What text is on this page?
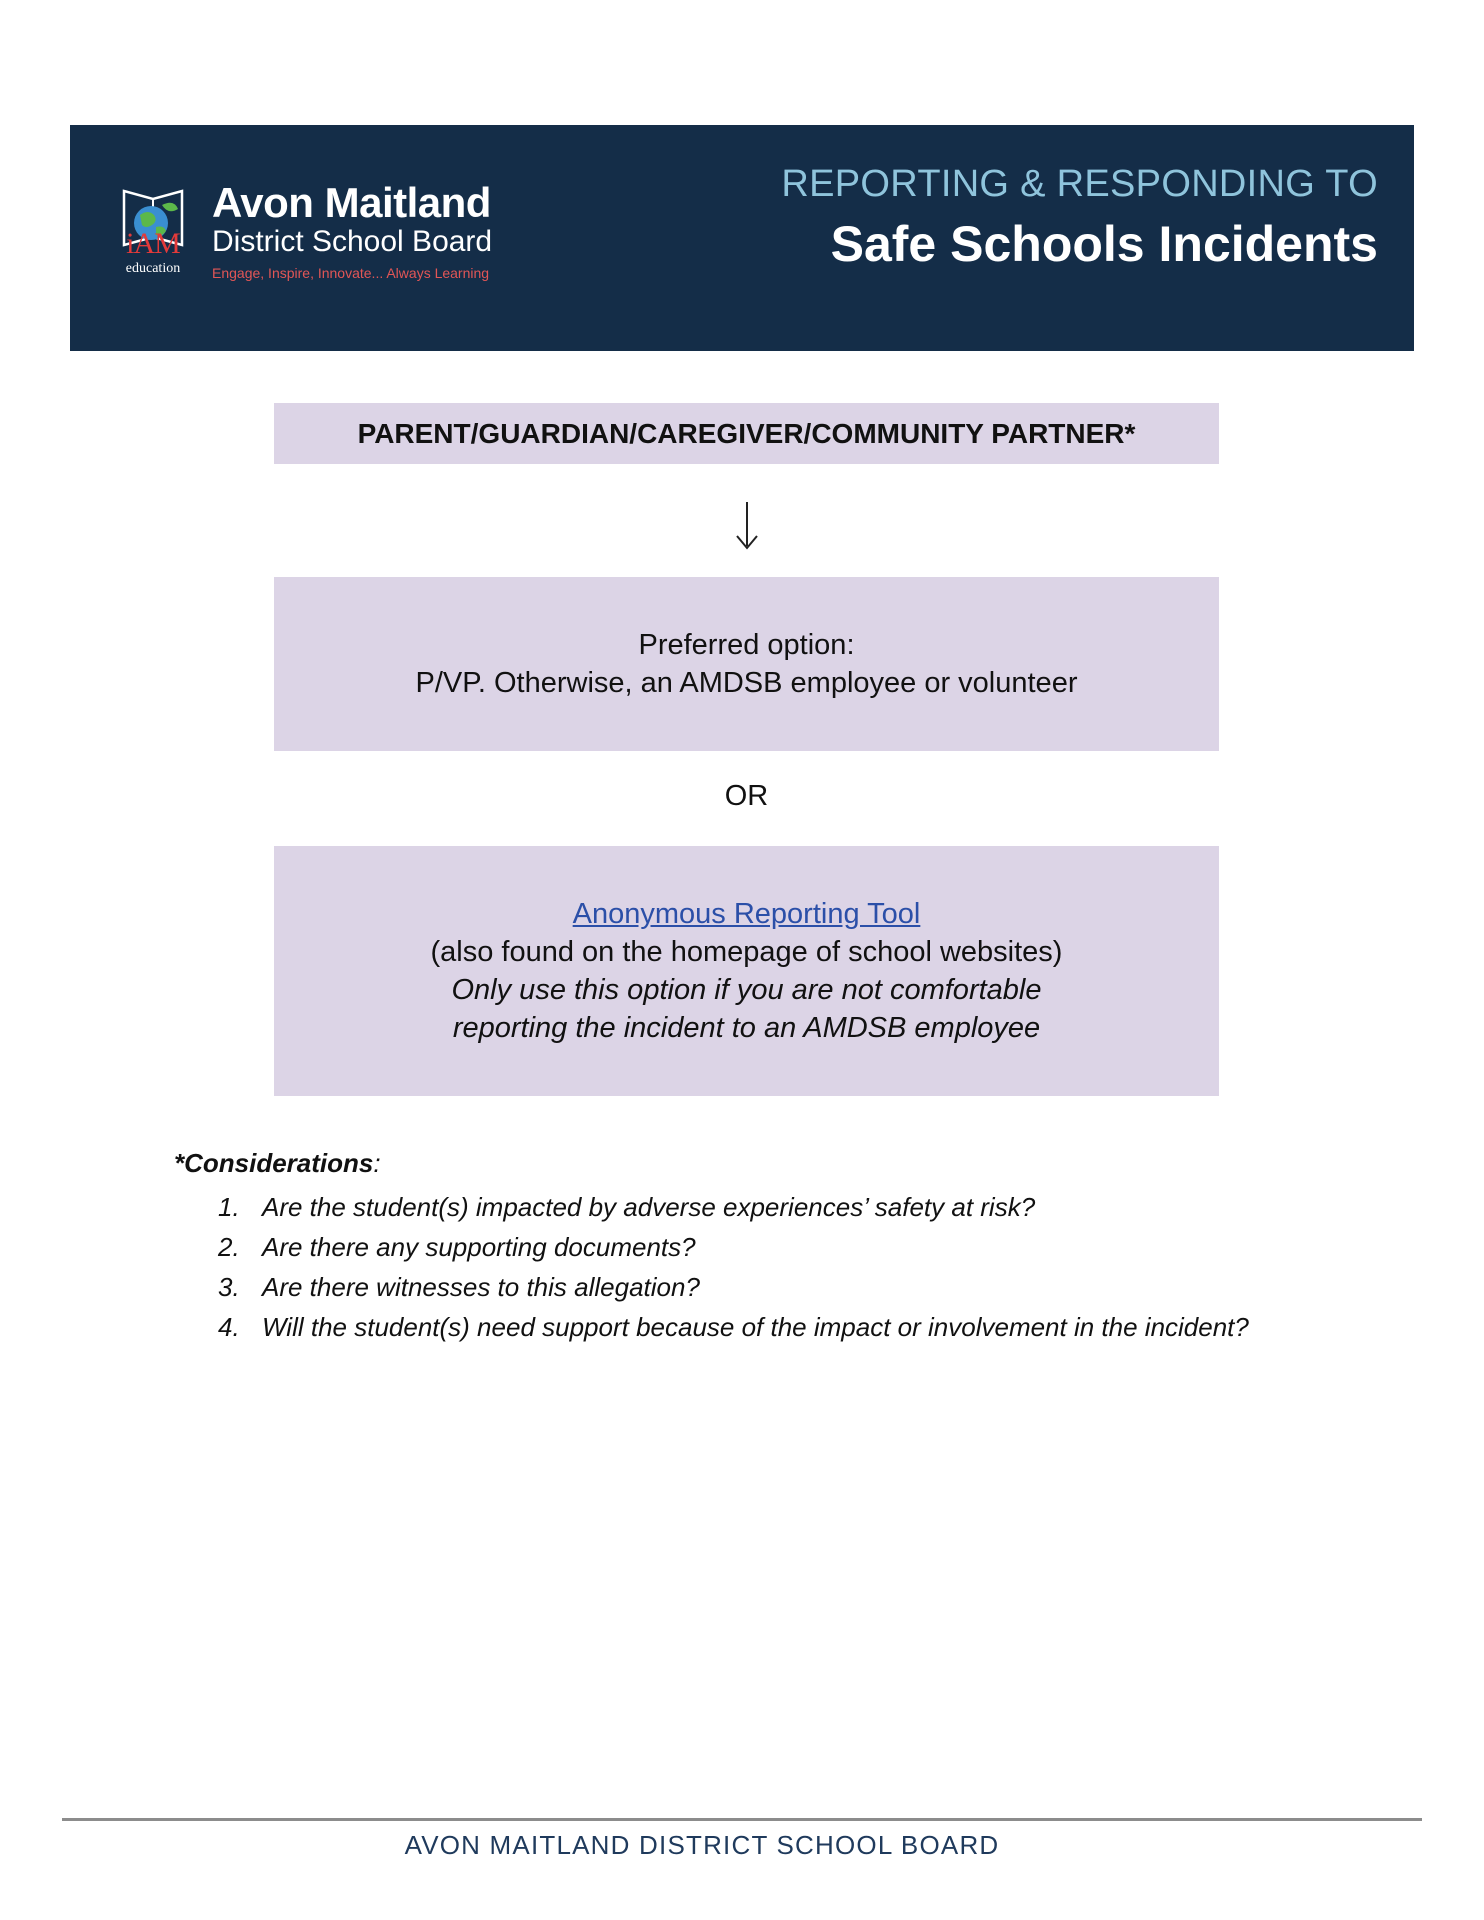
iAM
education
Avon Maitland
District School Board
Engage, Inspire, Innovate... Always Learning
REPORTING & RESPONDING TO
Safe Schools Incidents
PARENT/GUARDIAN/CAREGIVER/COMMUNITY PARTNER*
Preferred option:
P/VP. Otherwise, an AMDSB employee or volunteer
OR
Anonymous Reporting Tool
(also found on the homepage of school websites)
Only use this option if you are not comfortable
reporting the incident to an AMDSB employee
*Considerations:
1. Are the student(s) impacted by adverse experiences’ safety at risk?
2. Are there any supporting documents?
3. Are there witnesses to this allegation?
4. Will the student(s) need support because of the impact or involvement in the incident?
AVON MAITLAND DISTRICT SCHOOL BOARD
